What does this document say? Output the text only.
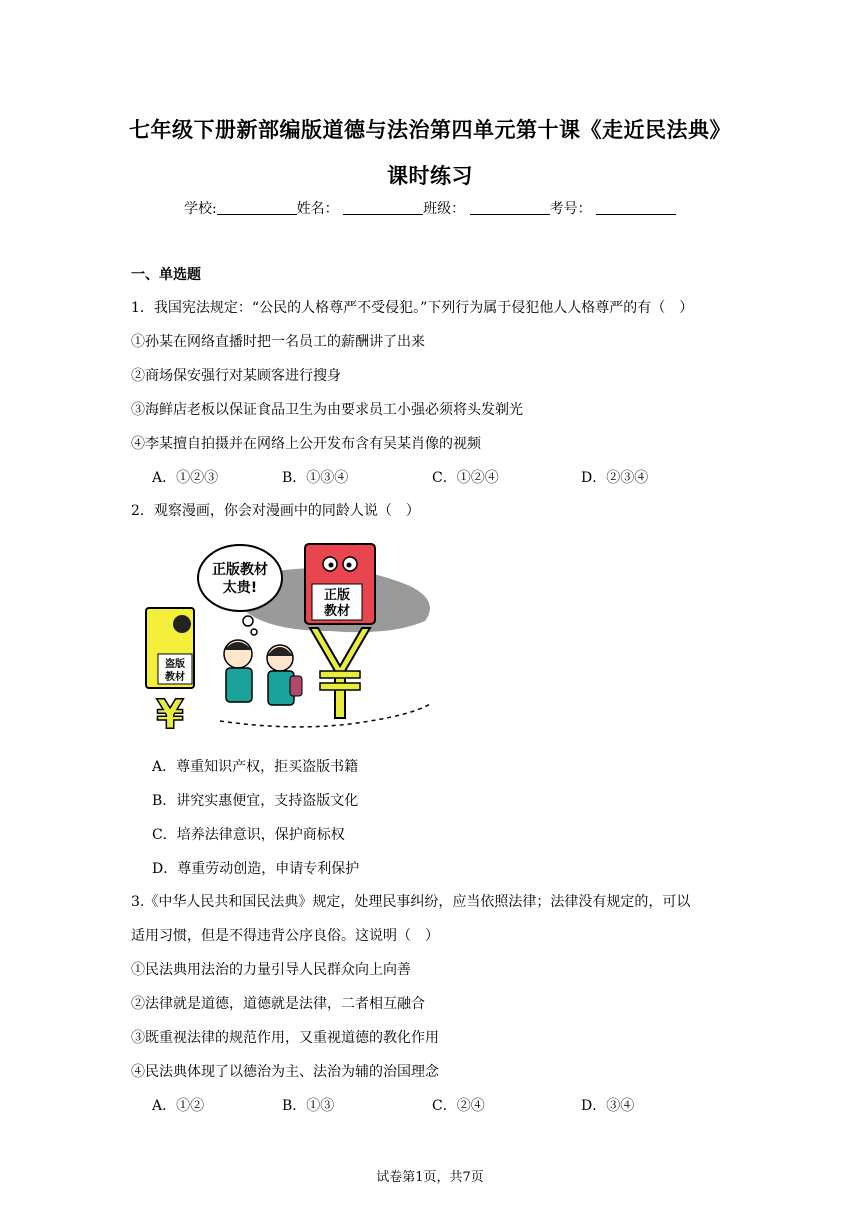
七年级下册新部编版道德与法治第四单元第十课《走近民法典》
课时练习
学校:	姓名：	班级：	考号：
一、单选题
1．我国宪法规定：“公民的人格尊严不受侵犯。”下列行为属于侵犯他人人格尊严的有（　）
①孙某在网络直播时把一名员工的薪酬讲了出来
②商场保安强行对某顾客进行搜身
③海鲜店老板以保证食品卫生为由要求员工小强必须将头发剃光
④李某擅自拍摄并在网络上公开发布含有吴某肖像的视频
A．①②③	B．①③④	C．①②④	D．②③④
2．观察漫画，你会对漫画中的同龄人说（　）
正版教材
太贵!	正版
教材
盗版
教材
¥
A．尊重知识产权，拒买盗版书籍
B．讲究实惠便宜，支持盗版文化
C．培养法律意识，保护商标权
D．尊重劳动创造，申请专利保护
3.《中华人民共和国民法典》规定，处理民事纠纷，应当依照法律；法律没有规定的，可以
适用习惯，但是不得违背公序良俗。这说明（　）
①民法典用法治的力量引导人民群众向上向善
②法律就是道德，道德就是法律，二者相互融合
③既重视法律的规范作用，又重视道德的教化作用
④民法典体现了以德治为主、法治为辅的治国理念
A．①②	B．①③	C．②④	D．③④
试卷第1页，共7页
